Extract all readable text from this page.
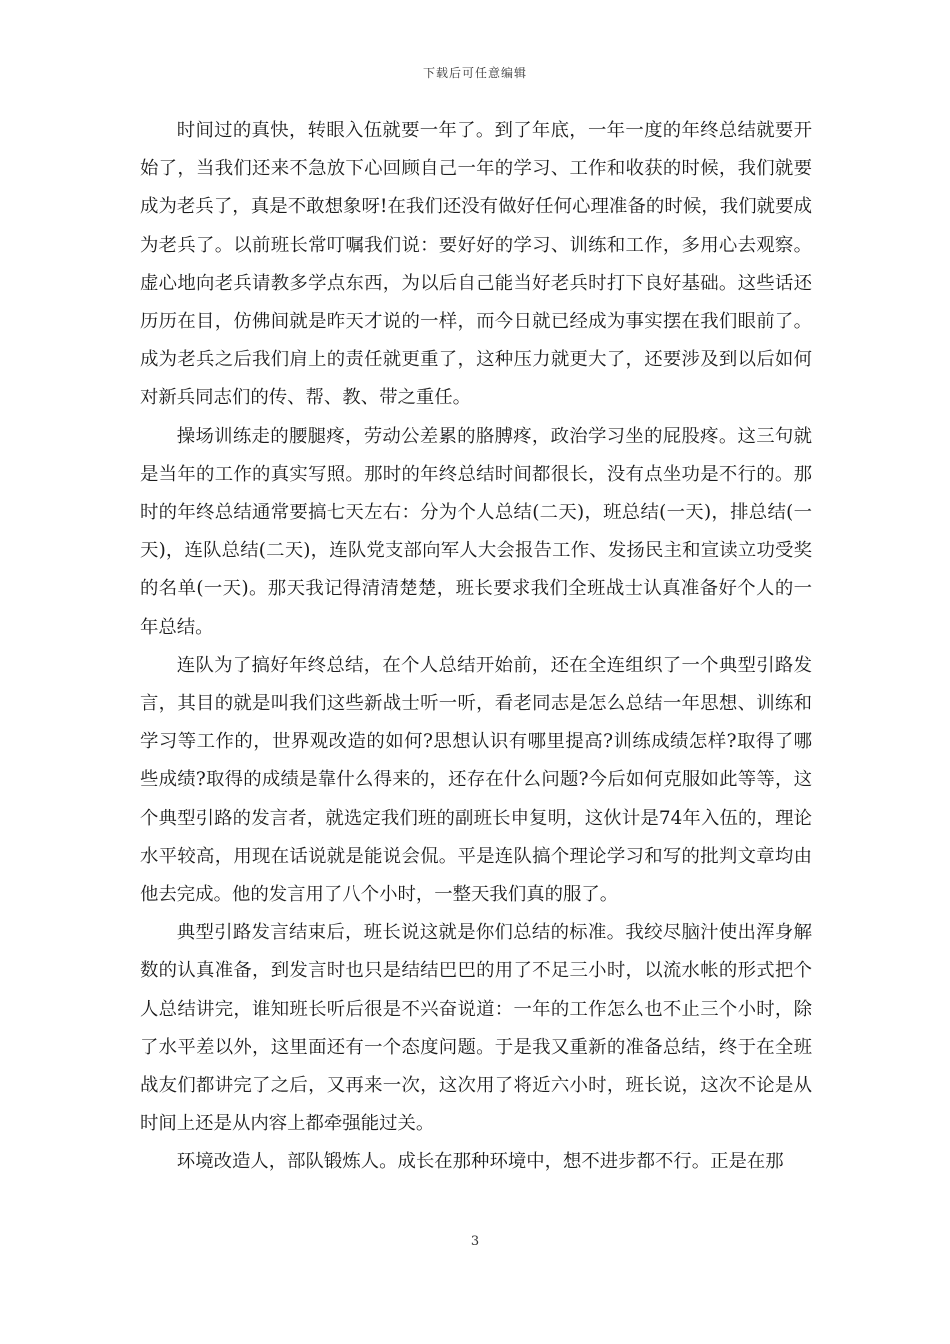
下载后可任意编辑

时间过的真快，转眼入伍就要一年了。到了年底，一年一度的年终总结就要开始了，当我们还来不急放下心回顾自己一年的学习、工作和收获的时候，我们就要成为老兵了，真是不敢想象呀!在我们还没有做好任何心理准备的时候，我们就要成为老兵了。以前班长常叮嘱我们说：要好好的学习、训练和工作，多用心去观察。虚心地向老兵请教多学点东西，为以后自己能当好老兵时打下良好基础。这些话还历历在目，仿佛间就是昨天才说的一样，而今日就已经成为事实摆在我们眼前了。成为老兵之后我们肩上的责任就更重了，这种压力就更大了，还要涉及到以后如何对新兵同志们的传、帮、教、带之重任。

操场训练走的腰腿疼，劳动公差累的胳膊疼，政治学习坐的屁股疼。这三句就是当年的工作的真实写照。那时的年终总结时间都很长，没有点坐功是不行的。那时的年终总结通常要搞七天左右：分为个人总结(二天)，班总结(一天)，排总结(一天)，连队总结(二天)，连队党支部向军人大会报告工作、发扬民主和宣读立功受奖的名单(一天)。那天我记得清清楚楚，班长要求我们全班战士认真准备好个人的一年总结。

连队为了搞好年终总结，在个人总结开始前，还在全连组织了一个典型引路发言，其目的就是叫我们这些新战士听一听，看老同志是怎么总结一年思想、训练和学习等工作的，世界观改造的如何?思想认识有哪里提高?训练成绩怎样?取得了哪些成绩?取得的成绩是靠什么得来的，还存在什么问题?今后如何克服如此等等，这个典型引路的发言者，就选定我们班的副班长申复明，这伙计是74年入伍的，理论水平较高，用现在话说就是能说会侃。平是连队搞个理论学习和写的批判文章均由他去完成。他的发言用了八个小时，一整天我们真的服了。

典型引路发言结束后，班长说这就是你们总结的标准。我绞尽脑汁使出浑身解数的认真准备，到发言时也只是结结巴巴的用了不足三小时，以流水帐的形式把个人总结讲完，谁知班长听后很是不兴奋说道：一年的工作怎么也不止三个小时，除了水平差以外，这里面还有一个态度问题。于是我又重新的准备总结，终于在全班战友们都讲完了之后，又再来一次，这次用了将近六小时，班长说，这次不论是从时间上还是从内容上都牵强能过关。

环境改造人，部队锻炼人。成长在那种环境中，想不进步都不行。正是在那

3
